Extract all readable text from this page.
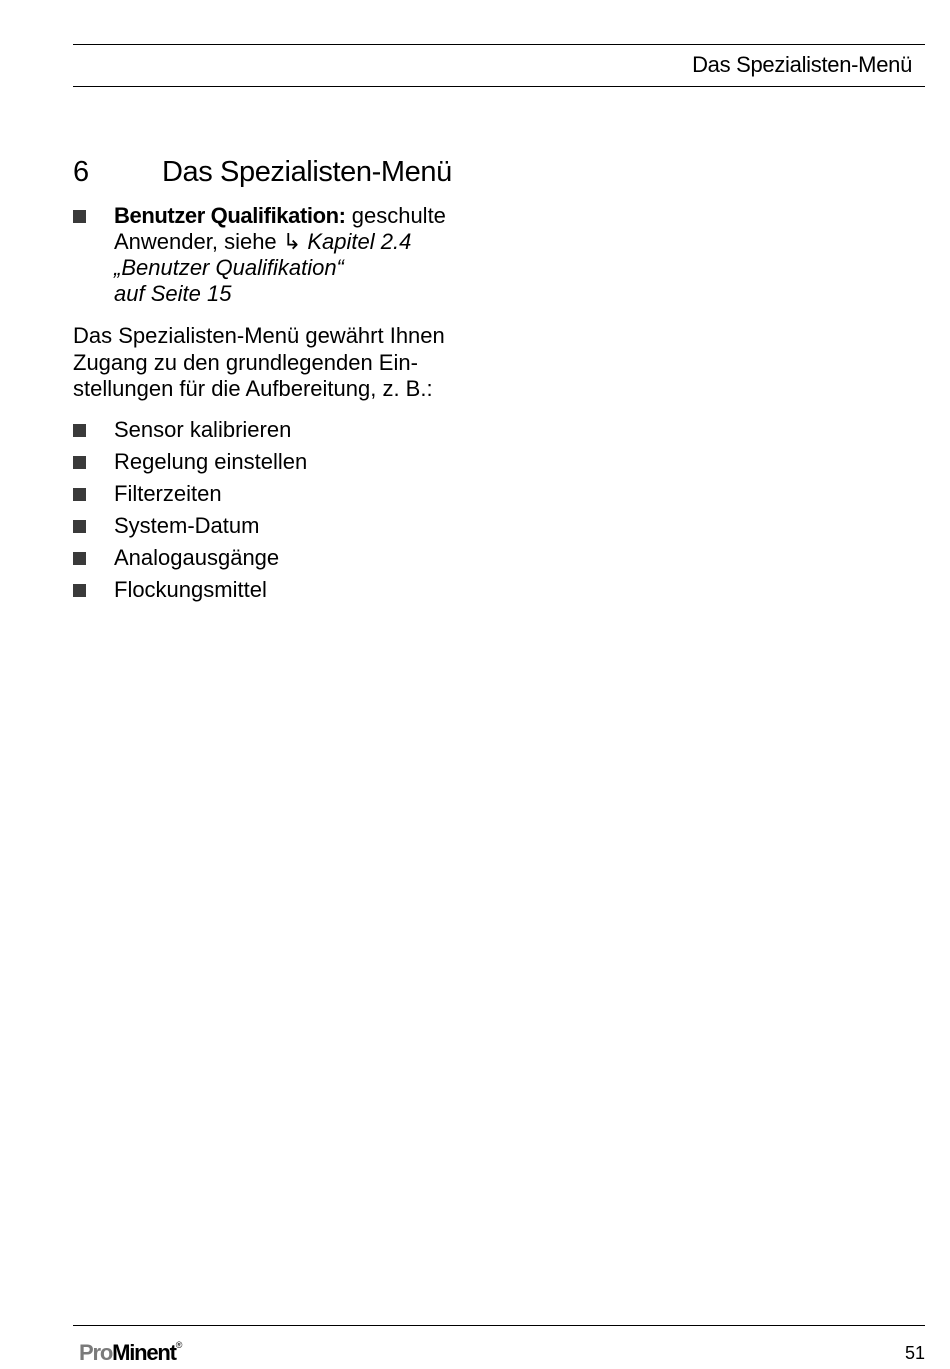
Das Spezialisten-Menü
6	Das Spezialisten-Menü
Benutzer Qualifikation: geschulte Anwender, siehe ↳ Kapitel 2.4
„Benutzer Qualifikation“
auf Seite 15
Das Spezialisten-Menü gewährt Ihnen
Zugang zu den grundlegenden Ein-
stellungen für die Aufbereitung, z. B.:
Sensor kalibrieren
Regelung einstellen
Filterzeiten
System-Datum
Analogausgänge
Flockungsmittel
ProMinent®	51
